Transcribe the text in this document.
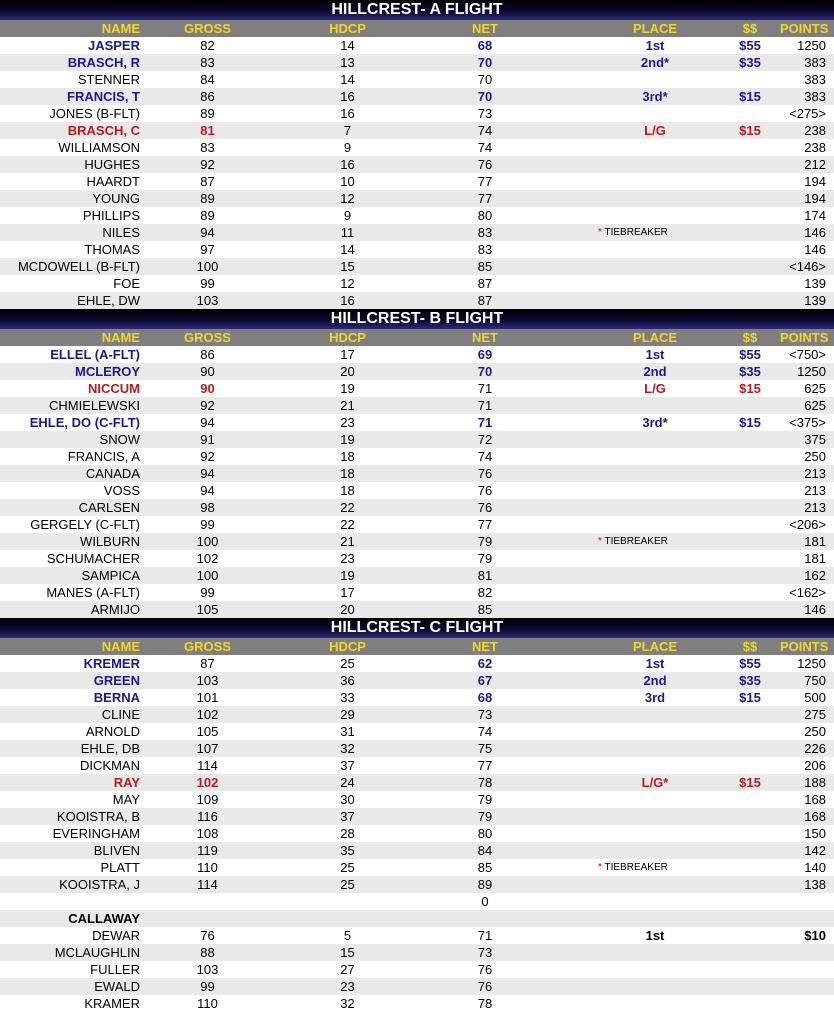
HILLCREST- A FLIGHT
NAME	GROSS	HDCP	NET	PLACE	$$	POINTS
JASPER	82	14	68	1st	$55	1250
BRASCH, R	83	13	70	2nd*	$35	383
STENNER	84	14	70	383
FRANCIS, T	86	16	70	3rd*	$15	383
JONES (B-FLT)	89	16	73	<275>
BRASCH, C	81	7	74	L/G	$15	238
WILLIAMSON	83	9	74	238
HUGHES	92	16	76	212
HAARDT	87	10	77	194
YOUNG	89	12	77	194
PHILLIPS	89	9	80	174
NILES	94	11	83	* TIEBREAKER	146
THOMAS	97	14	83	146
MCDOWELL (B-FLT)	100	15	85	<146>
FOE	99	12	87	139
EHLE, DW	103	16	87	139
HILLCREST- B FLIGHT
NAME	GROSS	HDCP	NET	PLACE	$$	POINTS
ELLEL (A-FLT)	86	17	69	1st	$55	<750>
MCLEROY	90	20	70	2nd	$35	1250
NICCUM	90	19	71	L/G	$15	625
CHMIELEWSKI	92	21	71	625
EHLE, DO (C-FLT)	94	23	71	3rd*	$15	<375>
SNOW	91	19	72	375
FRANCIS, A	92	18	74	250
CANADA	94	18	76	213
VOSS	94	18	76	213
CARLSEN	98	22	76	213
GERGELY (C-FLT)	99	22	77	<206>
WILBURN	100	21	79	* TIEBREAKER	181
SCHUMACHER	102	23	79	181
SAMPICA	100	19	81	162
MANES (A-FLT)	99	17	82	<162>
ARMIJO	105	20	85	146
HILLCREST- C FLIGHT
NAME	GROSS	HDCP	NET	PLACE	$$	POINTS
KREMER	87	25	62	1st	$55	1250
GREEN	103	36	67	2nd	$35	750
BERNA	101	33	68	3rd	$15	500
CLINE	102	29	73	275
ARNOLD	105	31	74	250
EHLE, DB	107	32	75	226
DICKMAN	114	37	77	206
RAY	102	24	78	L/G*	$15	188
MAY	109	30	79	168
KOOISTRA, B	116	37	79	168
EVERINGHAM	108	28	80	150
BLIVEN	119	35	84	142
PLATT	110	25	85	* TIEBREAKER	140
KOOISTRA, J	114	25	89	138
0
CALLAWAY
DEWAR	76	5	71	1st	$10
MCLAUGHLIN	88	15	73
FULLER	103	27	76
EWALD	99	23	76
KRAMER	110	32	78
